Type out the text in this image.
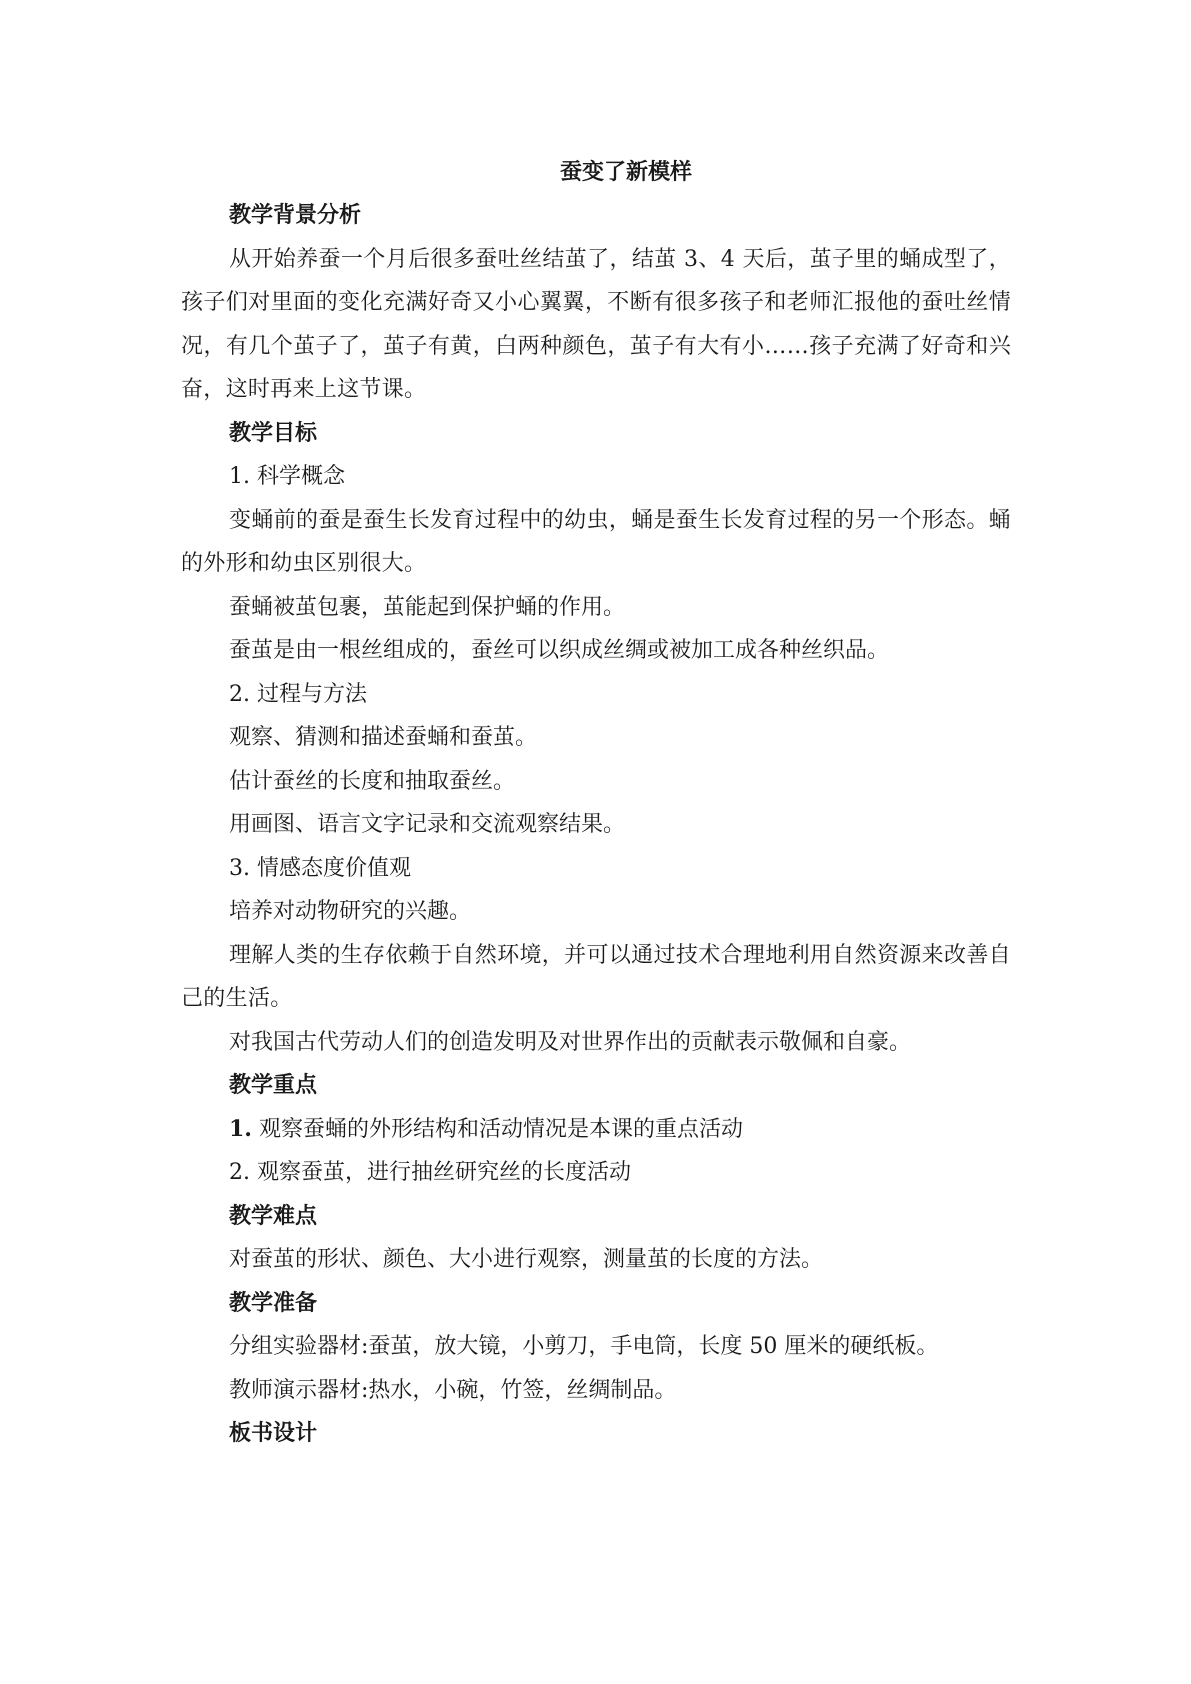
蚕变了新模样

教学背景分析

从开始养蚕一个月后很多蚕吐丝结茧了，结茧 3、4 天后，茧子里的蛹成型了，孩子们对里面的变化充满好奇又小心翼翼，不断有很多孩子和老师汇报他的蚕吐丝情况，有几个茧子了，茧子有黄，白两种颜色，茧子有大有小……孩子充满了好奇和兴奋，这时再来上这节课。

教学目标

1. 科学概念

变蛹前的蚕是蚕生长发育过程中的幼虫，蛹是蚕生长发育过程的另一个形态。蛹的外形和幼虫区别很大。

蚕蛹被茧包裹，茧能起到保护蛹的作用。

蚕茧是由一根丝组成的，蚕丝可以织成丝绸或被加工成各种丝织品。

2. 过程与方法

观察、猜测和描述蚕蛹和蚕茧。

估计蚕丝的长度和抽取蚕丝。

用画图、语言文字记录和交流观察结果。

3. 情感态度价值观

培养对动物研究的兴趣。

理解人类的生存依赖于自然环境，并可以通过技术合理地利用自然资源来改善自己的生活。

对我国古代劳动人们的创造发明及对世界作出的贡献表示敬佩和自豪。

教学重点

1. 观察蚕蛹的外形结构和活动情况是本课的重点活动

2. 观察蚕茧，进行抽丝研究丝的长度活动

教学难点

对蚕茧的形状、颜色、大小进行观察，测量茧的长度的方法。

教学准备

分组实验器材:蚕茧，放大镜，小剪刀，手电筒，长度 50 厘米的硬纸板。

教师演示器材:热水，小碗，竹签，丝绸制品。

板书设计
